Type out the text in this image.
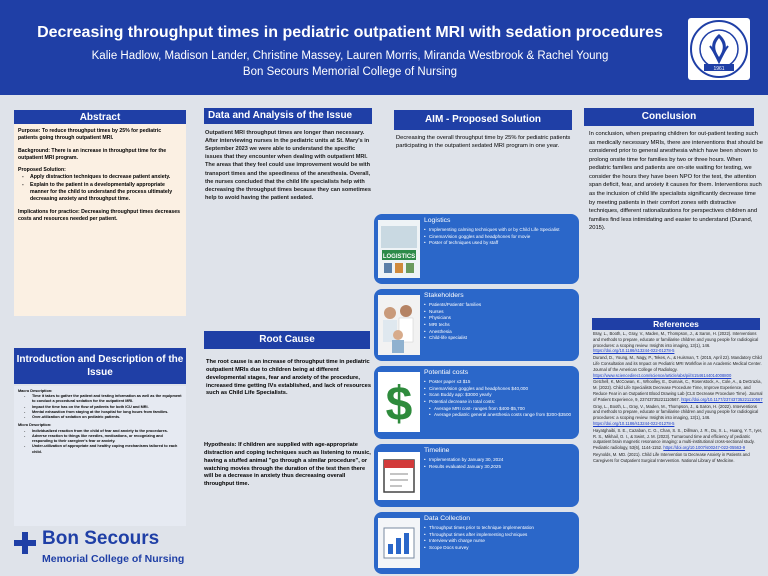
Decreasing throughput times in pediatric outpatient MRI with sedation procedures
Kalie Hadlow, Madison Lander, Christine Massey, Lauren Morris, Miranda Westbrook & Rachel Young
Bon Secours Memorial College of Nursing	1961
Abstract

Purpose: To reduce throughput times by 25% for pediatric patients going through outpatient MRI.

Background: There is an increase in throughput time for the outpatient MRI program.

Proposed Solution:

- Apply distraction techniques to decrease patient anxiety.
- Explain to the patient in a developmentally appropriate manner for the child to understand the process ultimately decreasing anxiety and throughput time.

Implications for practice: Decreasing throughput times decreases costs and resources needed per patient.

Introduction and Description of the Issue
Macro Description:
- Time it takes to gather the patient and testing information as well as the equipment to conduct a procedural sedation for the outpatient MRI.
- Impact the time has on the flow of patients for both ICU and MRI.
- Mental exhaustion from staying at the hospital for long hours from families.
- Over-utilization of sedation on pediatric patients.
Micro Description:
- Individualized reaction from the child of fear and anxiety to the procedures.
- Adverse reaction to things like needles, medications, or recognizing and responding to their caregiver's fear or anxiety.
- Under-utilization of appropriate and healthy coping mechanisms tailored to each child.
Data and Analysis of the Issue
Outpatient MRI throughput times are longer than necessary. After interviewing nurses in the pediatric units at St. Mary's in September 2023 we were able to understand the specific issues that they encounter when dealing with outpatient MRI. The areas that they feel could use improvement would be with transport times and the speediness of the anesthesia. Overall, the nurses concluded that the child life specialists help with decreasing the throughput times because they can sometimes help to avoid having the patient sedated.
Root Cause
The root cause is an increase of throughput time in pediatric outpatient MRIs due to children being at different developmental stages, fear and anxiety of the procedure, increased time getting IVs established, and lack of resources such as Child Life Specialists.
Hypothesis: If children are supplied with age-appropriate distraction and coping techniques such as listening to music, having a stuffed animal "go through a similar procedure", or watching movies through the duration of the test then there will be a decrease in anxiety thus decreasing overall throughput time.
AIM - Proposed Solution
Decreasing the overall throughput time by 25% for pediatric patients participating in the outpatient sedated MRI program in one year.
LOGISTICS
Logistics
• Implementing calming techniques with or by Child Life Specialist
• CinemaVision goggles and headphones for movie
• Poster of techniques used by staff
Stakeholders
• Patients/Patients' families
• Nurses
• Physicians
• MRI techs
• Anesthesia
• Child-life specialist
$
Potential costs
• Poster paper x3 $15
• CinemaVision goggles and headphones $40,000
• Scan Buddy app: $3000 yearly
• Potential decrease in total costs:
• Average MRI cost- ranges from $400-$5,700
• Average pediatric general anesthesia costs range from $200-$3500
Timeline
• Implementation by January 30, 2024
• Results evaluated January 30,2025
Data Collection
• Throughput times prior to technique implementation
• Throughput times after implementing techniques
• Interview with charge nurse
• Scope Docs survey
Conclusion
In conclusion, when preparing children for out-patient testing such as medically necessary MRIs, there are interventions that should be considered prior to general anesthesia which have been shown to prolong onsite time for families by two or three hours. When pediatric families and patients are on-site waiting for testing, we consider the hours they have been NPO for the test, the attention span deficit, fear, and anxiety it causes for them. Interventions such as the inclusion of child life specialists significantly decrease time by meeting patients in their comfort zones with distractive techniques, different rationalizations for perspectives children and families find less intimidating and easier to understand (Durand, 2015).
References

Bray, L., Booth, L., Gray, V., Maden, M., Thompson, J., & Saron, H. (2022). Interventions and methods to prepare, educate or familiarise children and young people for radiological procedures: a scoping review. Insights into imaging, 13(1), 146. https://doi.org/10.1186/s13244-022-01278-5

Durand, D., Young, M., Nagy, P., Tekes, A., & Huisman, T. (2015, April 22). Mandatory Child Life Consultation and its Impact on Pediatric MRI Workflow in an Academic Medical Center. Journal of the American College of Radiology. https://www.sciencedirect.com/science/article/abs/pii/S1546144014008800

Getchell, K, McCowan, K., Whoolley, E., Dumais, C., Rosenstock, A., Cole, A., & DeGrazia, M. (2022). Child Life Specialists Decrease Procedure Time, Improve Experience, and Reduce Fear in an Outpatient Blood Drawing Lab (CLS Decrease Procedure Time). Journal of Patient Experience, 9, 23743735221110567. https://doi.org/10.1177/23743735221110567

Gray, L., Booth, L., Gray, V., Maden, M., Thompson, J., & Saron, H. (2022). Interventions and methods to prepare, educate or familiarise children and young people for radiological procedures: a scoping review. Insights into imaging, 13(1), 146. https://doi.org/10.1186/s13244-022-01278-5

Hayatghaibi, S. E., Cazaban, C. G., Chan, S. S., Dillman, J. R., Du, X. L., Huang, Y. T., Iyer, R. S., Mikhail, O. I., & Swint, J. M. (2023). Turnaround time and efficiency of pediatric outpatient brain magnetic resonance imaging: a multi-institutional cross-sectional study. Pediatric radiology, 53(6), 1144-1152. https://doi.org/10.1007/s00247-022-05563-9

Reynolds, M. MD. (2021). Child Life Intervention to Decrease Anxiety in Patients and Caregivers for Outpatient Surgical Intervention. National Library of Medicine.

Bon Secours
Memorial College of Nursing
